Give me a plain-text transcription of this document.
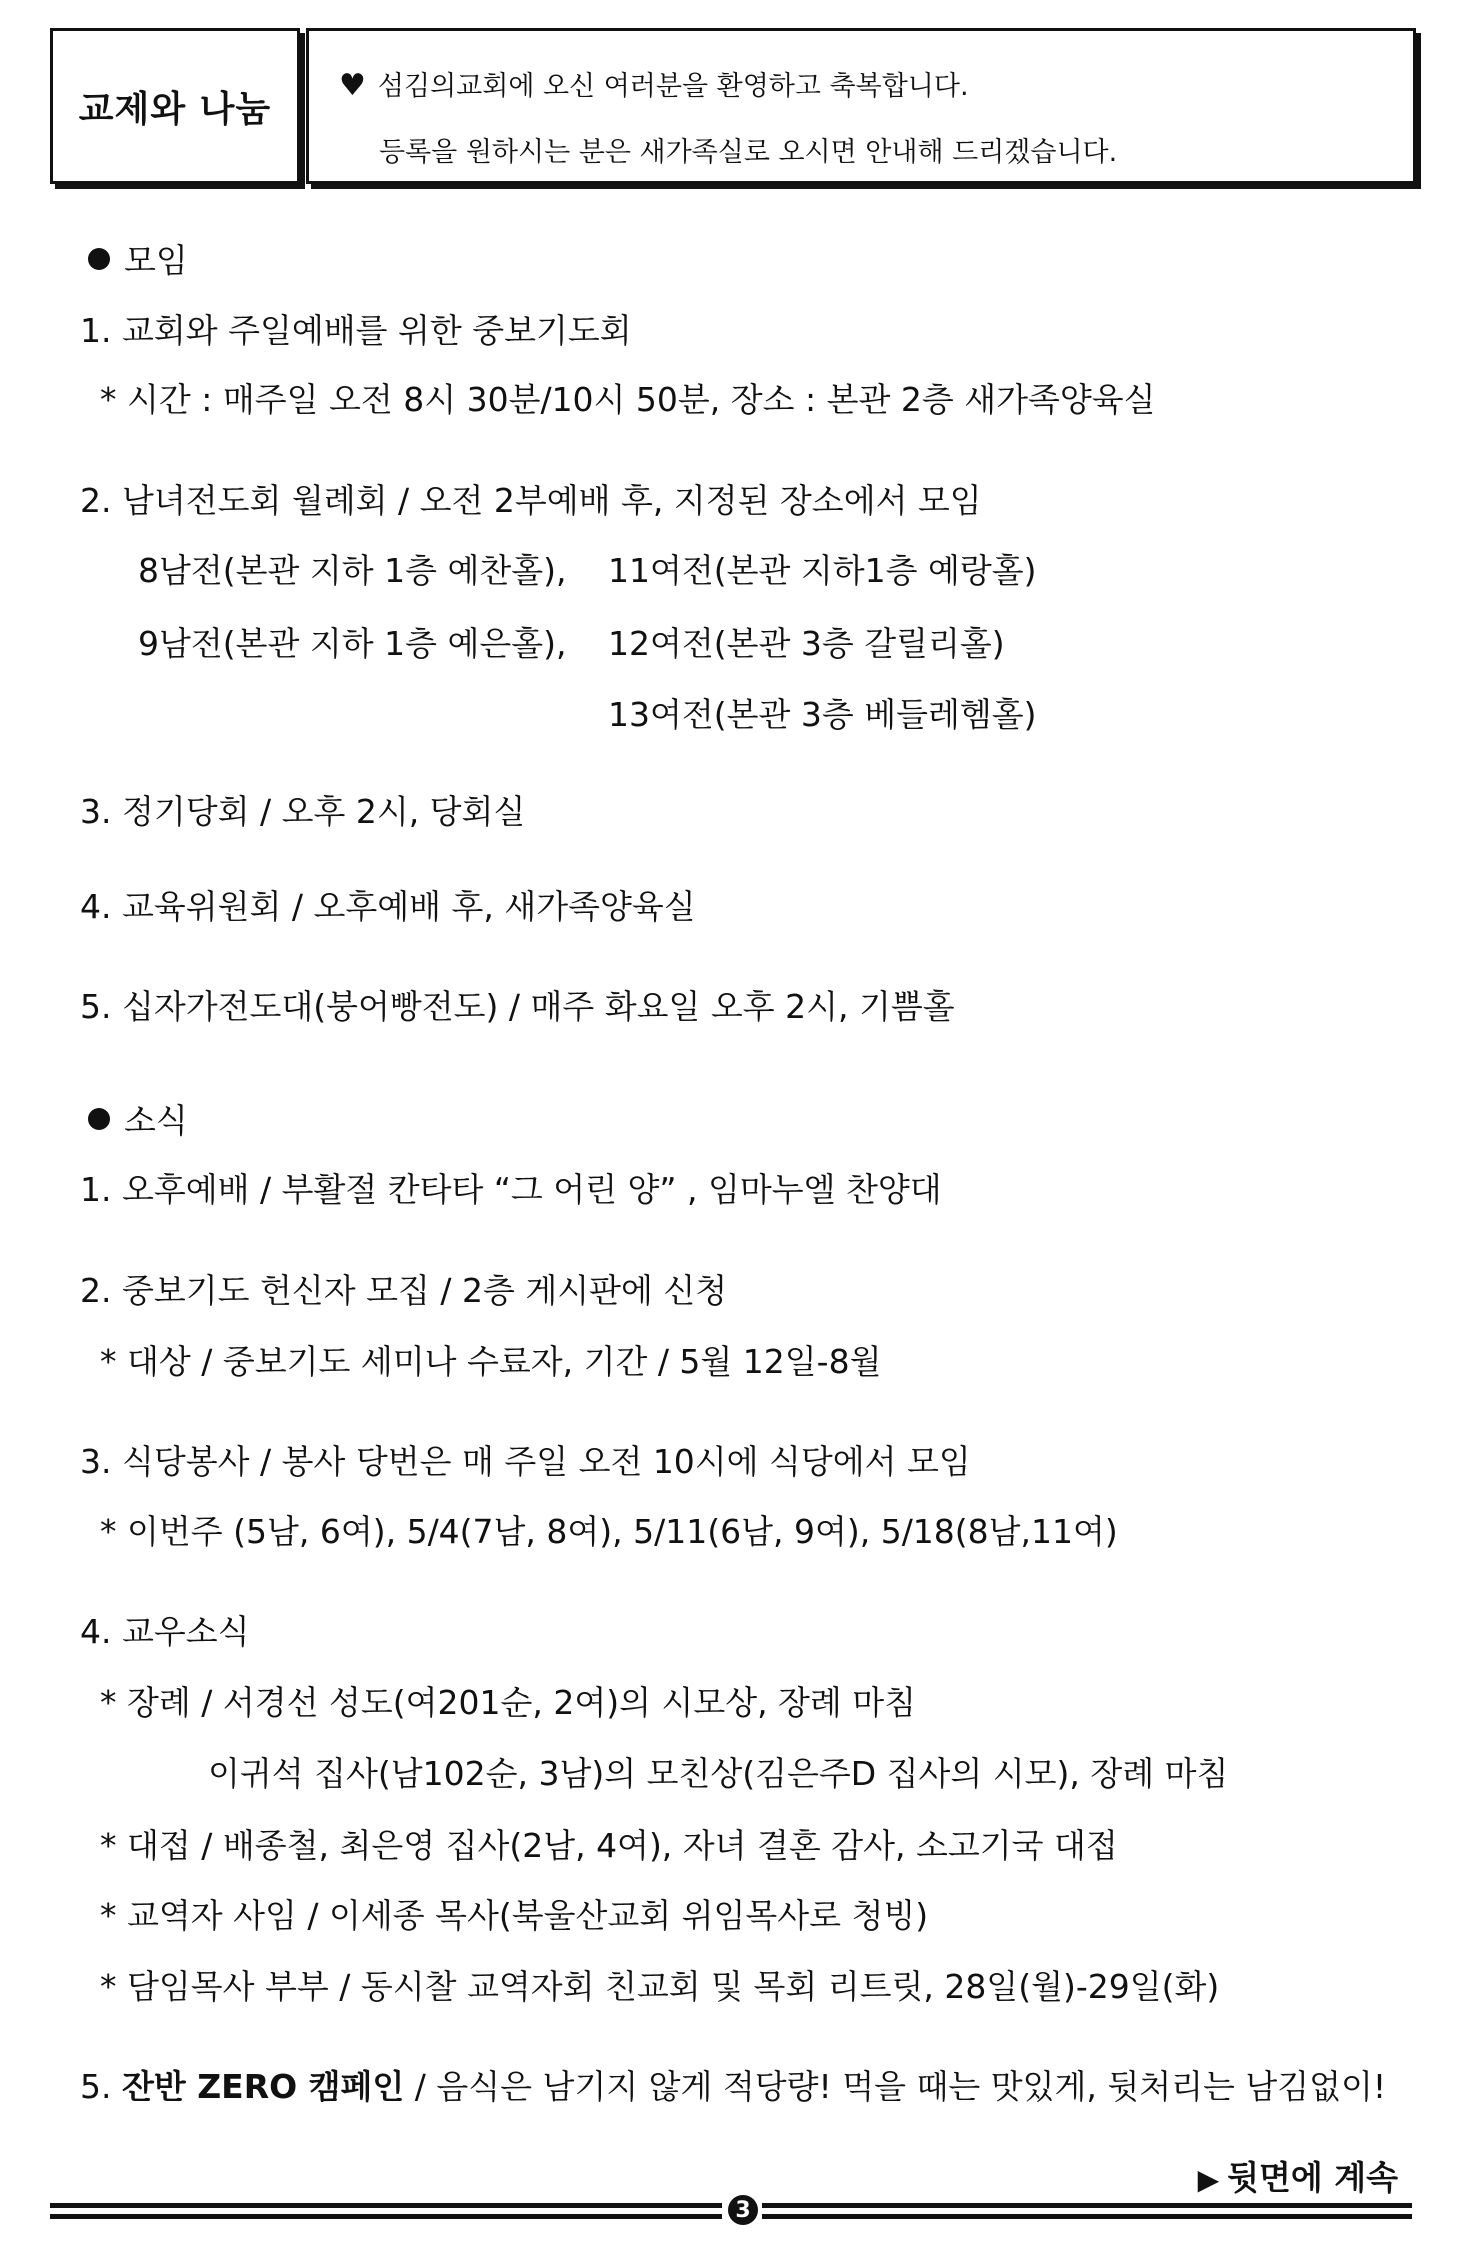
교제와 나눔
♥ 섬김의교회에 오신 여러분을 환영하고 축복합니다.
등록을 원하시는 분은 새가족실로 오시면 안내해 드리겠습니다.
모임
1. 교회와 주일예배를 위한 중보기도회
* 시간 : 매주일 오전 8시 30분/10시 50분, 장소 : 본관 2층 새가족양육실
2. 남녀전도회 월례회 / 오전 2부예배 후, 지정된 장소에서 모임
8남전(본관 지하 1층 예찬홀), 11여전(본관 지하1층 예랑홀)
9남전(본관 지하 1층 예은홀), 12여전(본관 3층 갈릴리홀)
13여전(본관 3층 베들레헴홀)
3. 정기당회 / 오후 2시, 당회실
4. 교육위원회 / 오후예배 후, 새가족양육실
5. 십자가전도대(붕어빵전도) / 매주 화요일 오후 2시, 기쁨홀
소식
1. 오후예배 / 부활절 칸타타 “그 어린 양” , 임마누엘 찬양대
2. 중보기도 헌신자 모집 / 2층 게시판에 신청
* 대상 / 중보기도 세미나 수료자, 기간 / 5월 12일-8월
3. 식당봉사 / 봉사 당번은 매 주일 오전 10시에 식당에서 모임
* 이번주 (5남, 6여), 5/4(7남, 8여), 5/11(6남, 9여), 5/18(8남,11여)
4. 교우소식
* 장례 / 서경선 성도(여201순, 2여)의 시모상, 장례 마침
이귀석 집사(남102순, 3남)의 모친상(김은주D 집사의 시모), 장례 마침
* 대접 / 배종철, 최은영 집사(2남, 4여), 자녀 결혼 감사, 소고기국 대접
* 교역자 사임 / 이세종 목사(북울산교회 위임목사로 청빙)
* 담임목사 부부 / 동시찰 교역자회 친교회 및 목회 리트릿, 28일(월)-29일(화)
5. 잔반 ZERO 캠페인 / 음식은 남기지 않게 적당량! 먹을 때는 맛있게, 뒷처리는 남김없이!
▶ 뒷면에 계속
3
